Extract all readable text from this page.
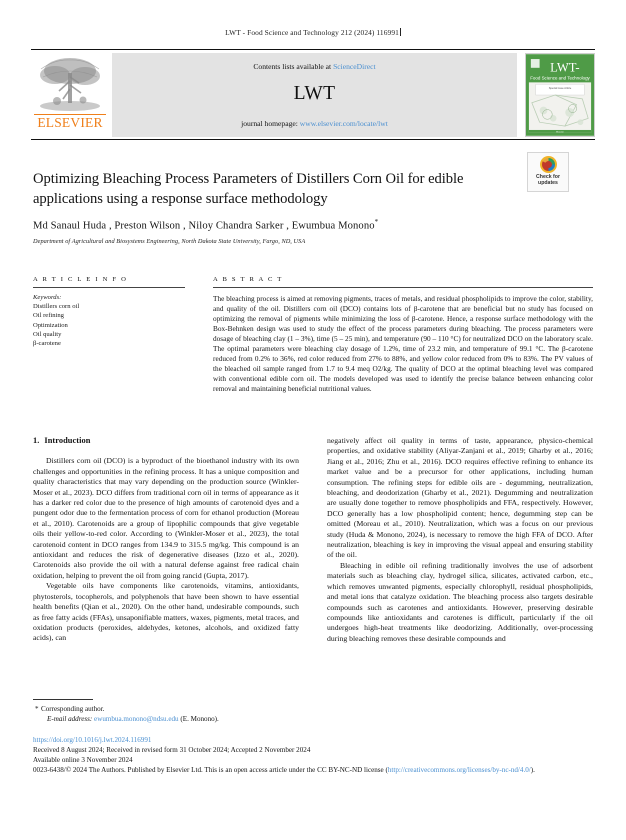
LWT - Food Science and Technology 212 (2024) 116991
ELSEVIER
Contents lists available at ScienceDirect
LWT
journal homepage: www.elsevier.com/locate/lwt
LWT-
Food Science and Technology
Special Issue Article
Elsevier
Check for
updates
Optimizing Bleaching Process Parameters of Distillers Corn Oil for edible applications using a response surface methodology
Md Sanaul Huda , Preston Wilson , Niloy Chandra Sarker , Ewumbua Monono*
Department of Agricultural and Biosystems Engineering, North Dakota State University, Fargo, ND, USA
A R T I C L E I N F O
Keywords:
Distillers corn oil
Oil refining
Optimization
Oil quality
β-carotene
A B S T R A C T
The bleaching process is aimed at removing pigments, traces of metals, and residual phospholipids to improve the color, stability, and quality of the oil. Distillers corn oil (DCO) contains lots of β-carotene that are beneficial but no study has focused on optimizing the removal of pigments while minimizing the loss of β-carotene. Hence, a response surface methodology with the Box-Behnken design was used to study the effect of the process parameters during bleaching. The process parameters were dosage of bleaching clay (1 – 3%), time (5 – 25 min), and temperature (90 – 110 °C) for neutralized DCO on the laboratory scale. The optimal parameters were bleaching clay dosage of 1.2%, time of 23.2 min, and temperature of 99.1 °C. The β-carotene reduced from 0.2% to 36%, red color reduced from 27% to 88%, and yellow color reduced from 0% to 83%. The PV values of the bleached oil sample ranged from 1.7 to 9.4 meq O2/kg. The quality of DCO at the optimal bleaching level was compared with conventional edible corn oil. The models developed was used to identify the precise balance between enhancing color removal and maintaining beneficial nutritional values.
1. Introduction

Distillers corn oil (DCO) is a byproduct of the bioethanol industry with its own challenges and opportunities in the refining process. It has a unique composition and quality characteristics that may vary depending on the production source (Winkler-Moser et al., 2023). DCO differs from traditional corn oil in terms of appearance as it has a darker red color due to the presence of high amounts of carotenoid dyes and a pungent odor due to the fermentation process of corn for ethanol production (Moreau et al., 2010). Carotenoids are a group of lipophilic compounds that give vegetable oils their yellow-to-red color. According to (Winkler-Moser et al., 2023), the total carotenoid content in DCO ranges from 134.9 to 315.5 mg/kg. This compound is an antioxidant and reduces the risk of degenerative diseases (Izzo et al., 2020). Carotenoids also provide the oil with a natural defense against free radical chain oxidation, helping to prevent the oil from going rancid (Gupta, 2017).

Vegetable oils have components like carotenoids, vitamins, antioxidants, phytosterols, tocopherols, and polyphenols that have been shown to have essential health benefits (Qian et al., 2020). On the other hand, undesirable compounds, such as free fatty acids (FFAs), unsaponifiable matters, waxes, pigments, metal traces, and oxidation products (peroxides, aldehydes, ketones, alcohols, and oxidized fatty acids), can

negatively affect oil quality in terms of taste, appearance, physico-chemical properties, and oxidative stability (Aliyar-Zanjani et al., 2019; Gharby et al., 2016; Jiang et al., 2016; Zhu et al., 2016). DCO requires effective refining to enhance its market value and be a precursor for other applications, including human consumption. The refining steps for edible oils are - degumming, neutralization, bleaching, and deodorization (Gharby et al., 2021). Degumming and neutralization are usually done together to remove phospholipids and FFA, respectively. However, DCO generally has a low phospholipid content; hence, degumming step can be omitted (Moreau et al., 2010). Neutralization, which was a focus on our previous study (Huda & Monono, 2024), is necessary to remove the high FFA of DCO. After neutralization, bleaching is key in improving the visual appeal and ensuring stability of the oil.

Bleaching in edible oil refining traditionally involves the use of adsorbent materials such as bleaching clay, hydrogel silica, silicates, activated carbon, etc., which removes unwanted pigments, especially chlorophyll, residual phospholipids, and metal ions that catalyze oxidation. The bleaching process also targets desirable compounds such as carotenes and antioxidants. However, preserving desirable compounds like antioxidants and carotenes is difficult, particularly if the oil undergoes high-heat treatments like deodorizing. Additionally, over-processing during bleaching removes these desirable compounds and

* Corresponding author.
E-mail address: ewumbua.monono@ndsu.edu (E. Monono).
https://doi.org/10.1016/j.lwt.2024.116991
Received 8 August 2024; Received in revised form 31 October 2024; Accepted 2 November 2024
Available online 3 November 2024
0023-6438/© 2024 The Authors. Published by Elsevier Ltd. This is an open access article under the CC BY-NC-ND license (http://creativecommons.org/licenses/by-nc-nd/4.0/).
